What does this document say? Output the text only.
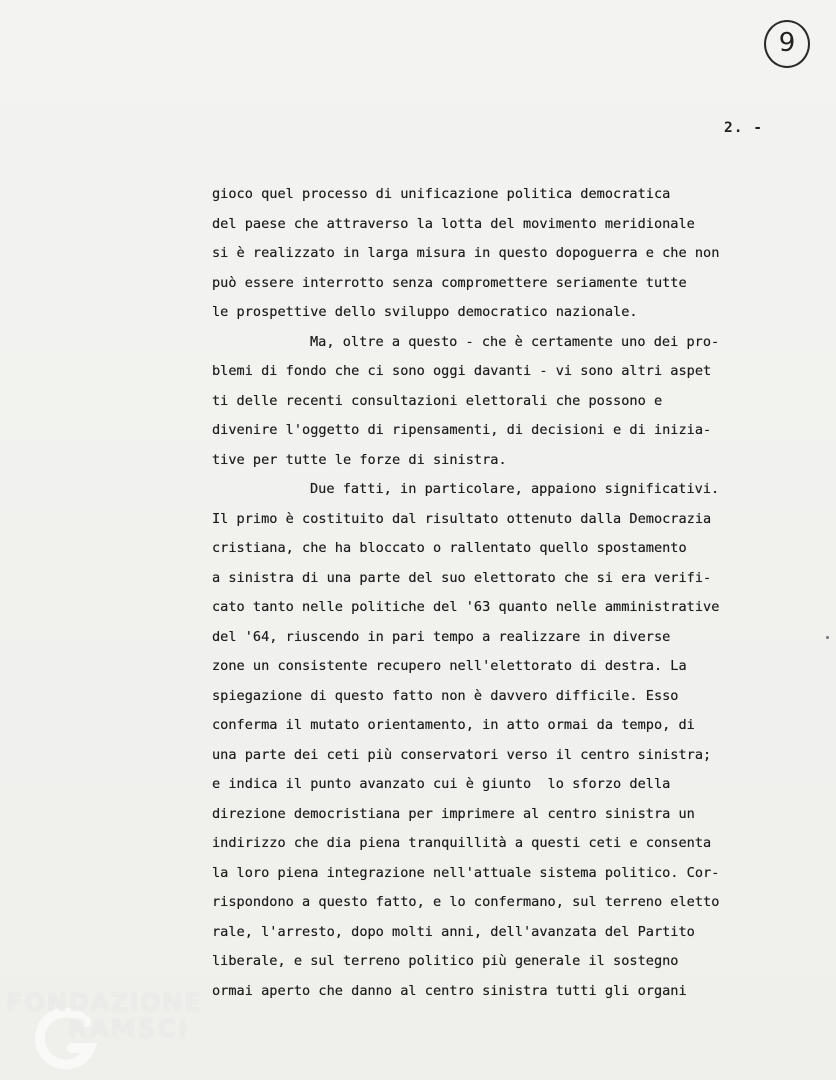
9
2. -
gioco quel processo di unificazione politica democratica
del paese che attraverso la lotta del movimento meridionale
si è realizzato in larga misura in questo dopoguerra e che non
può essere interrotto senza compromettere seriamente tutte
le prospettive dello sviluppo democratico nazionale.
Ma, oltre a questo - che è certamente uno dei pro-
blemi di fondo che ci sono oggi davanti - vi sono altri aspet
ti delle recenti consultazioni elettorali che possono e
divenire l'oggetto di ripensamenti, di decisioni e di inizia-
tive per tutte le forze di sinistra.
Due fatti, in particolare, appaiono significativi.
Il primo è costituito dal risultato ottenuto dalla Democrazia
cristiana, che ha bloccato o rallentato quello spostamento
a sinistra di una parte del suo elettorato che si era verifi-
cato tanto nelle politiche del '63 quanto nelle amministrative
del '64, riuscendo in pari tempo a realizzare in diverse
zone un consistente recupero nell'elettorato di destra. La
spiegazione di questo fatto non è davvero difficile. Esso
conferma il mutato orientamento, in atto ormai da tempo, di
una parte dei ceti più conservatori verso il centro sinistra;
e indica il punto avanzato cui è giunto  lo sforzo della
direzione democristiana per imprimere al centro sinistra un
indirizzo che dia piena tranquillità a questi ceti e consenta
la loro piena integrazione nell'attuale sistema politico. Cor-
rispondono a questo fatto, e lo confermano, sul terreno eletto
rale, l'arresto, dopo molti anni, dell'avanzata del Partito
liberale, e sul terreno politico più generale il sostegno
ormai aperto che danno al centro sinistra tutti gli organi
FONDAZIONE
RAMSCI
